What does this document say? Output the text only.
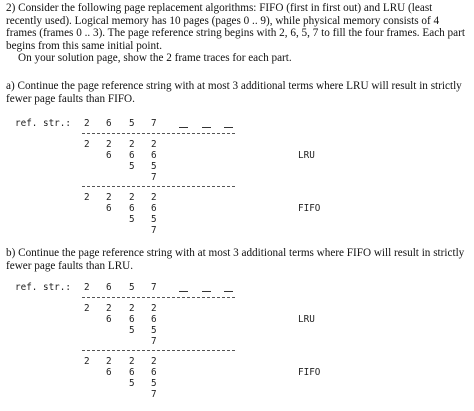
2) Consider the following page replacement algorithms: FIFO (first in first out) and LRU (least recently used). Logical memory has 10 pages (pages 0 .. 9), while physical memory consists of 4 frames (frames 0 .. 3). The page reference string begins with 2, 6, 5, 7 to fill the four frames. Each part begins from this same initial point.
On your solution page, show the 2 frame traces for each part.

a) Continue the page reference string with at most 3 additional terms where LRU will result in strictly fewer page faults than FIFO.

ref. str.: 2 6 5 7
2 2
6
2
6
5
2
6
5
7
LRU
2 2
6
2
6
5
2
6
5
7
FIFO

b) Continue the page reference string with at most 3 additional terms where FIFO will result in strictly fewer page faults than LRU.

ref. str.: 2 6 5 7
2 2
6
2
6
5
2
6
5
7
LRU
2 2
6
2
6
5
2
6
5
7
FIFO
